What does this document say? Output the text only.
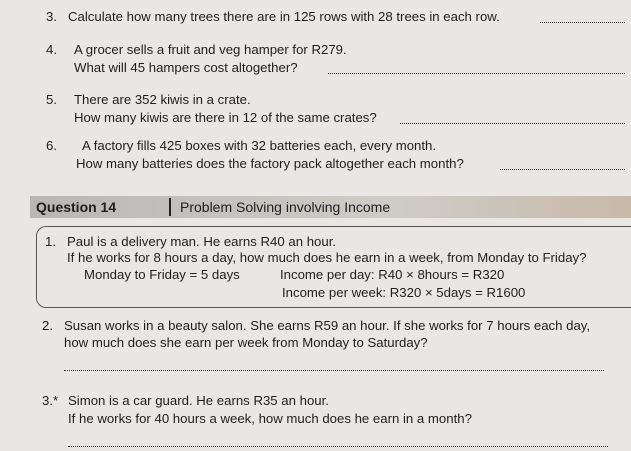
3. Calculate how many trees there are in 125 rows with 28 trees in each row.
4. A grocer sells a fruit and veg hamper for R279.
What will 45 hampers cost altogether?
5. There are 352 kiwis in a crate.
How many kiwis are there in 12 of the same crates?
6. A factory fills 425 boxes with 32 batteries each, every month.
How many batteries does the factory pack altogether each month?
Question 14	Problem Solving involving Income
1. Paul is a delivery man. He earns R40 an hour.
If he works for 8 hours a day, how much does he earn in a week, from Monday to Friday?
Monday to Friday = 5 days	Income per day: R40 × 8hours = R320
Income per week: R320 × 5days = R1600
2. Susan works in a beauty salon. She earns R59 an hour. If she works for 7 hours each day,
how much does she earn per week from Monday to Saturday?
3.* Simon is a car guard. He earns R35 an hour.
If he works for 40 hours a week, how much does he earn in a month?
